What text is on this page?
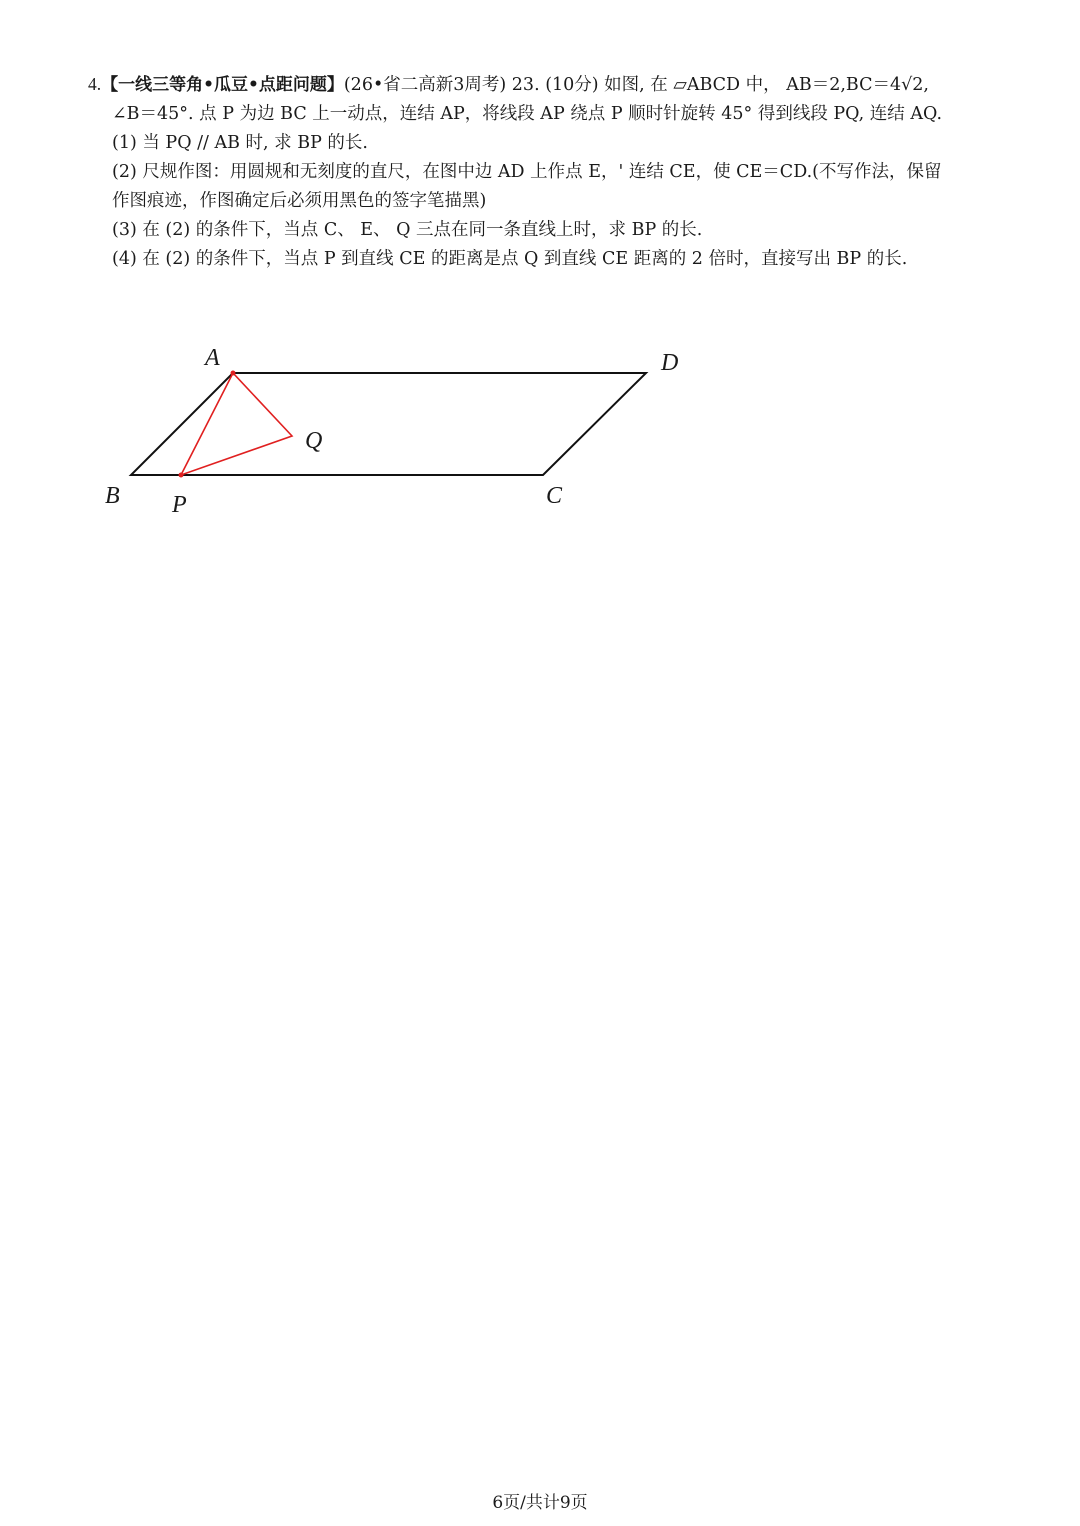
4.【一线三等角•瓜豆•点距问题】(26•省二高新3周考) 23. (10分) 如图, 在 ▱ABCD 中， AB＝2,BC＝4√2,
∠B＝45°. 点 P 为边 BC 上一动点，连结 AP，将线段 AP 绕点 P 顺时针旋转 45° 得到线段 PQ, 连结 AQ.
(1) 当 PQ // AB 时, 求 BP 的长.
(2) 尺规作图：用圆规和无刻度的直尺，在图中边 AD 上作点 E，' 连结 CE，使 CE＝CD.(不写作法，保留
作图痕迹，作图确定后必须用黑色的签字笔描黑)
(3) 在 (2) 的条件下，当点 C、 E、 Q 三点在同一条直线上时，求 BP 的长.
(4) 在 (2) 的条件下，当点 P 到直线 CE 的距离是点 Q 到直线 CE 距离的 2 倍时，直接写出 BP 的长.
A	D
Q
B P	C
6页/共计9页
